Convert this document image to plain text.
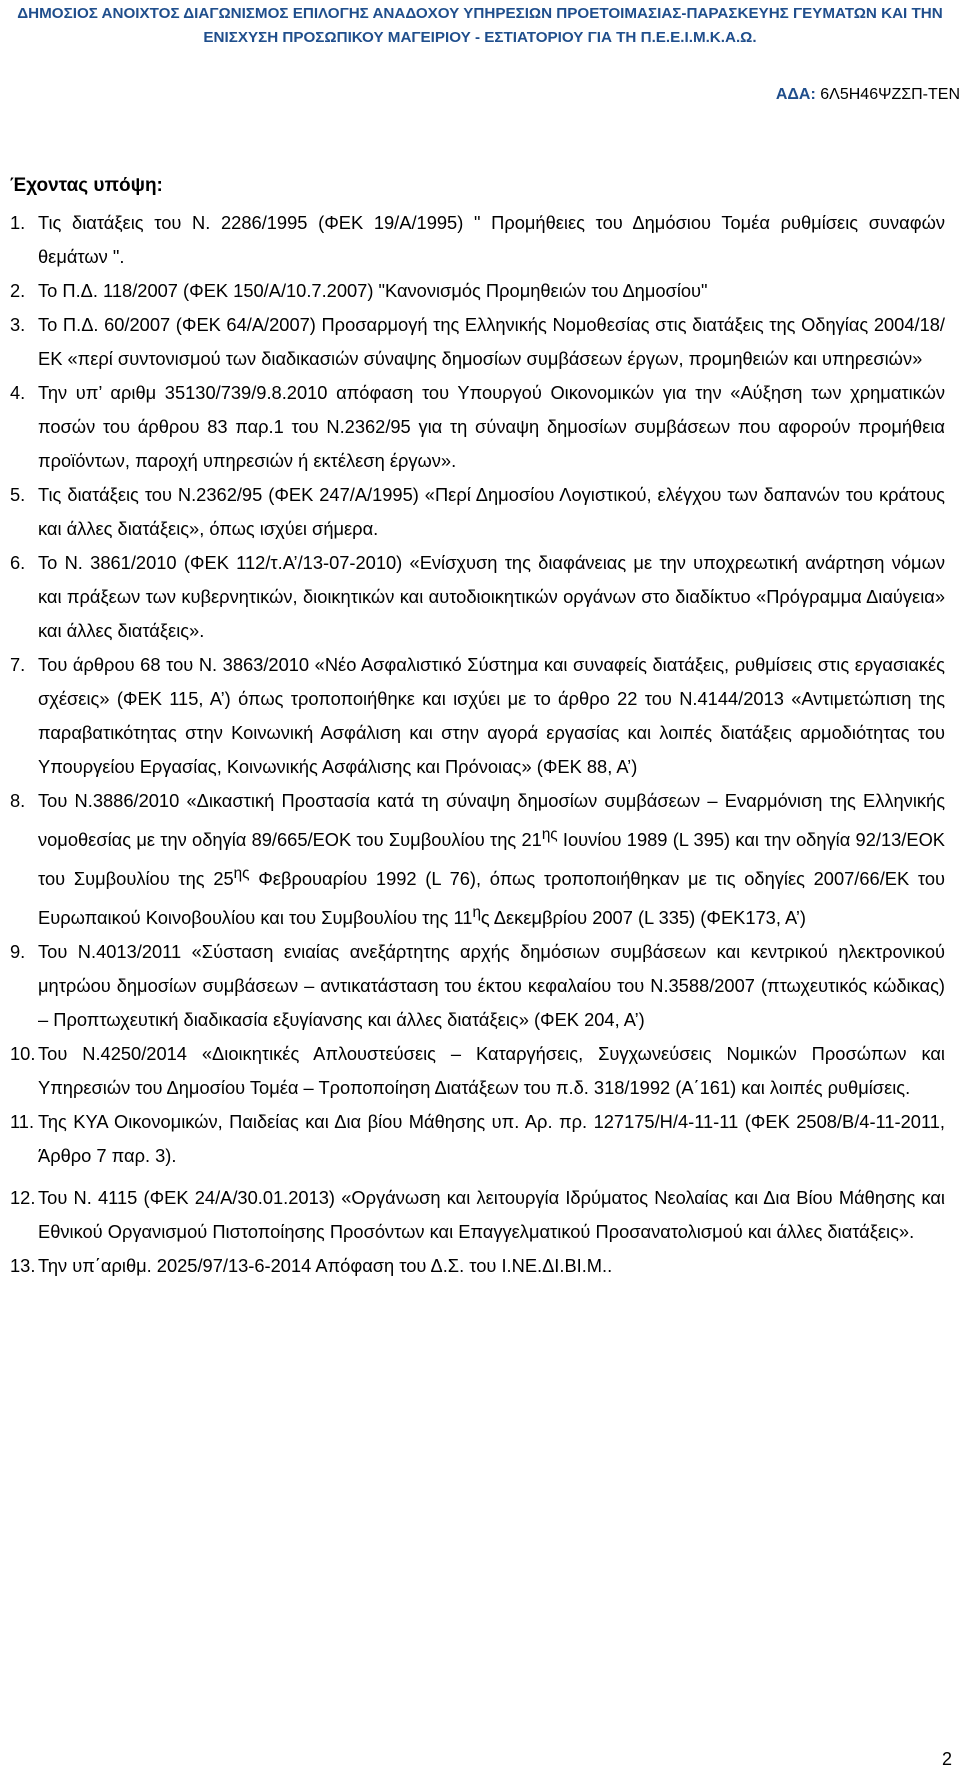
ΔΗΜΟΣΙΟΣ ΑΝΟΙΧΤΟΣ ΔΙΑΓΩΝΙΣΜΟΣ ΕΠΙΛΟΓΗΣ ΑΝΑΔΟΧΟΥ ΥΠΗΡΕΣΙΩΝ ΠΡΟΕΤΟΙΜΑΣΙΑΣ-ΠΑΡΑΣΚΕΥΗΣ ΓΕΥΜΑΤΩΝ ΚΑΙ ΤΗΝ
ΕΝΙΣΧΥΣΗ ΠΡΟΣΩΠΙΚΟΥ ΜΑΓΕΙΡΙΟΥ - ΕΣΤΙΑΤΟΡΙΟΥ ΓΙΑ ΤΗ Π.Ε.Ε.Ι.Μ.Κ.Α.Ω.
ΑΔΑ: 6Λ5Η46ΨΖΣΠ-ΤΕΝ
Έχοντας υπόψη:
1. Τις διατάξεις του Ν. 2286/1995 (ΦΕΚ 19/Α/1995) " Προμήθειες του Δημόσιου Τομέα ρυθμίσεις συναφών θεμάτων ".
2. Το Π.Δ. 118/2007 (ΦΕΚ 150/Α/10.7.2007) "Κανονισμός Προμηθειών του Δημοσίου"
3. Το Π.Δ. 60/2007 (ΦΕΚ 64/Α/2007) Προσαρμογή της Ελληνικής Νομοθεσίας στις διατάξεις της Οδηγίας 2004/18/ΕΚ «περί συντονισμού των διαδικασιών σύναψης δημοσίων συμβάσεων έργων, προμηθειών και υπηρεσιών»
4. Την υπ’ αριθμ 35130/739/9.8.2010 απόφαση του Υπουργού Οικονομικών για την «Αύξηση των χρηματικών ποσών του άρθρου 83 παρ.1 του Ν.2362/95 για τη σύναψη δημοσίων συμβάσεων που αφορούν προμήθεια προϊόντων, παροχή υπηρεσιών ή εκτέλεση έργων».
5. Τις διατάξεις του Ν.2362/95 (ΦΕΚ 247/Α/1995) «Περί Δημοσίου Λογιστικού, ελέγχου των δαπανών του κράτους και άλλες διατάξεις», όπως ισχύει σήμερα.
6. Το Ν. 3861/2010 (ΦΕΚ 112/τ.Α’/13-07-2010) «Ενίσχυση της διαφάνειας με την υποχρεωτική ανάρτηση νόμων και πράξεων των κυβερνητικών, διοικητικών και αυτοδιοικητικών οργάνων στο διαδίκτυο «Πρόγραμμα Διαύγεια» και άλλες διατάξεις».
7. Του άρθρου 68 του Ν. 3863/2010 «Νέο Ασφαλιστικό Σύστημα και συναφείς διατάξεις, ρυθμίσεις στις εργασιακές σχέσεις» (ΦΕΚ 115, Α’) όπως τροποποιήθηκε και ισχύει με το άρθρο 22 του Ν.4144/2013 «Αντιμετώπιση της παραβατικότητας στην Κοινωνική Ασφάλιση και στην αγορά εργασίας και λοιπές διατάξεις αρμοδιότητας του Υπουργείου Εργασίας, Κοινωνικής Ασφάλισης και Πρόνοιας» (ΦΕΚ 88, Α’)
8. Του Ν.3886/2010 «Δικαστική Προστασία κατά τη σύναψη δημοσίων συμβάσεων – Εναρμόνιση της Ελληνικής νομοθεσίας με την οδηγία 89/665/ΕΟΚ του Συμβουλίου της $21^{\eta\varsigma}$ Ιουνίου 1989 (L 395) και την οδηγία 92/13/ΕΟΚ του Συμβουλίου της $25^{\eta\varsigma}$ Φεβρουαρίου 1992 (L 76), όπως τροποποιήθηκαν με τις οδηγίες 2007/66/ΕΚ του Ευρωπαικού Κοινοβουλίου και του Συμβουλίου της $11^\eta\varsigma$ Δεκεμβρίου 2007 (L 335) (ΦΕΚ173, Α’)
9. Του Ν.4013/2011 «Σύσταση ενιαίας ανεξάρτητης αρχής δημόσιων συμβάσεων και κεντρικού ηλεκτρονικού μητρώου δημοσίων συμβάσεων – αντικατάσταση του έκτου κεφαλαίου του Ν.3588/2007 (πτωχευτικός κώδικας) – Προπτωχευτική διαδικασία εξυγίανσης και άλλες διατάξεις» (ΦΕΚ 204, Α’)
10. Του Ν.4250/2014 «Διοικητικές Απλουστεύσεις – Καταργήσεις, Συγχωνεύσεις Νομικών Προσώπων και Υπηρεσιών του Δημοσίου Τομέα – Τροποποίηση Διατάξεων του π.δ. 318/1992 (Α΄161) και λοιπές ρυθμίσεις.
11. Της ΚΥΑ Οικονομικών, Παιδείας και Δια βίου Μάθησης υπ. Αρ. πρ. 127175/Η/4-11-11 (ΦΕΚ 2508/Β/4-11-2011, Άρθρο 7 παρ. 3).
12. Του Ν. 4115 (ΦΕΚ 24/Α/30.01.2013) «Οργάνωση και λειτουργία Ιδρύματος Νεολαίας και Δια Βίου Μάθησης και Εθνικού Οργανισμού Πιστοποίησης Προσόντων και Επαγγελματικού Προσανατολισμού και άλλες διατάξεις».
13. Την υπ΄αριθμ. 2025/97/13-6-2014 Απόφαση του Δ.Σ. του Ι.ΝΕ.ΔΙ.ΒΙ.Μ..
2
